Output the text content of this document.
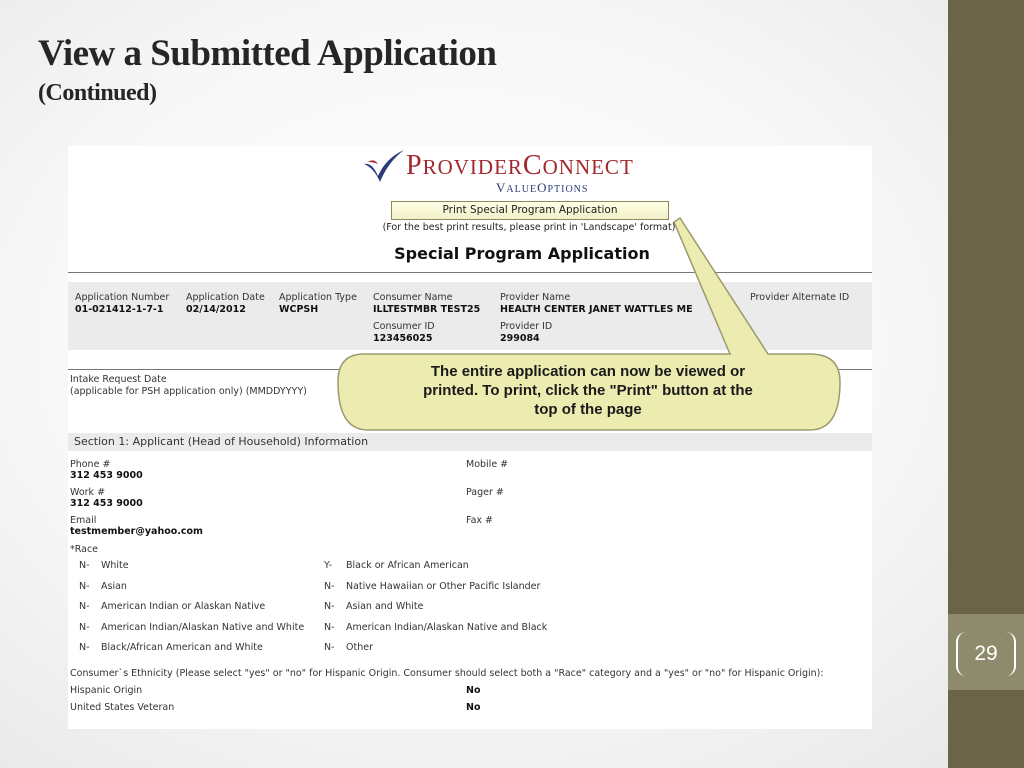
29
View a Submitted Application
(Continued)
PROVIDERCONNECT
VALUEOPTIONS
Print Special Program Application
(For the best print results, please print in 'Landscape' format)
Special Program Application
Application Number
01-021412-1-7-1
Application Date
02/14/2012
Application Type
WCPSH
Consumer Name
ILLTESTMBR TEST25
Provider Name
HEALTH CENTER JANET WATTLES ME
Provider Alternate ID
Consumer ID
123456025
Provider ID
299084
Intake Request Date
(applicable for PSH application only) (MMDDYYYY)
Section 1: Applicant (Head of Household) Information
Phone #
312 453 9000
Mobile #
Work #
312 453 9000
Pager #
Email
testmember@yahoo.com
Fax #
*Race
N- White
N- Asian
N- American Indian or Alaskan Native
N- American Indian/Alaskan Native and White
N- Black/African American and White
Y- Black or African American
N- Native Hawaiian or Other Pacific Islander
N- Asian and White
N- American Indian/Alaskan Native and Black
N- Other
Consumer`s Ethnicity (Please select "yes" or "no" for Hispanic Origin. Consumer should select both a "Race" category and a "yes" or "no" for Hispanic Origin):
Hispanic Origin	No
United States Veteran	No
The entire application can now be viewed or
printed. To print, click the "Print" button at the
top of the page
